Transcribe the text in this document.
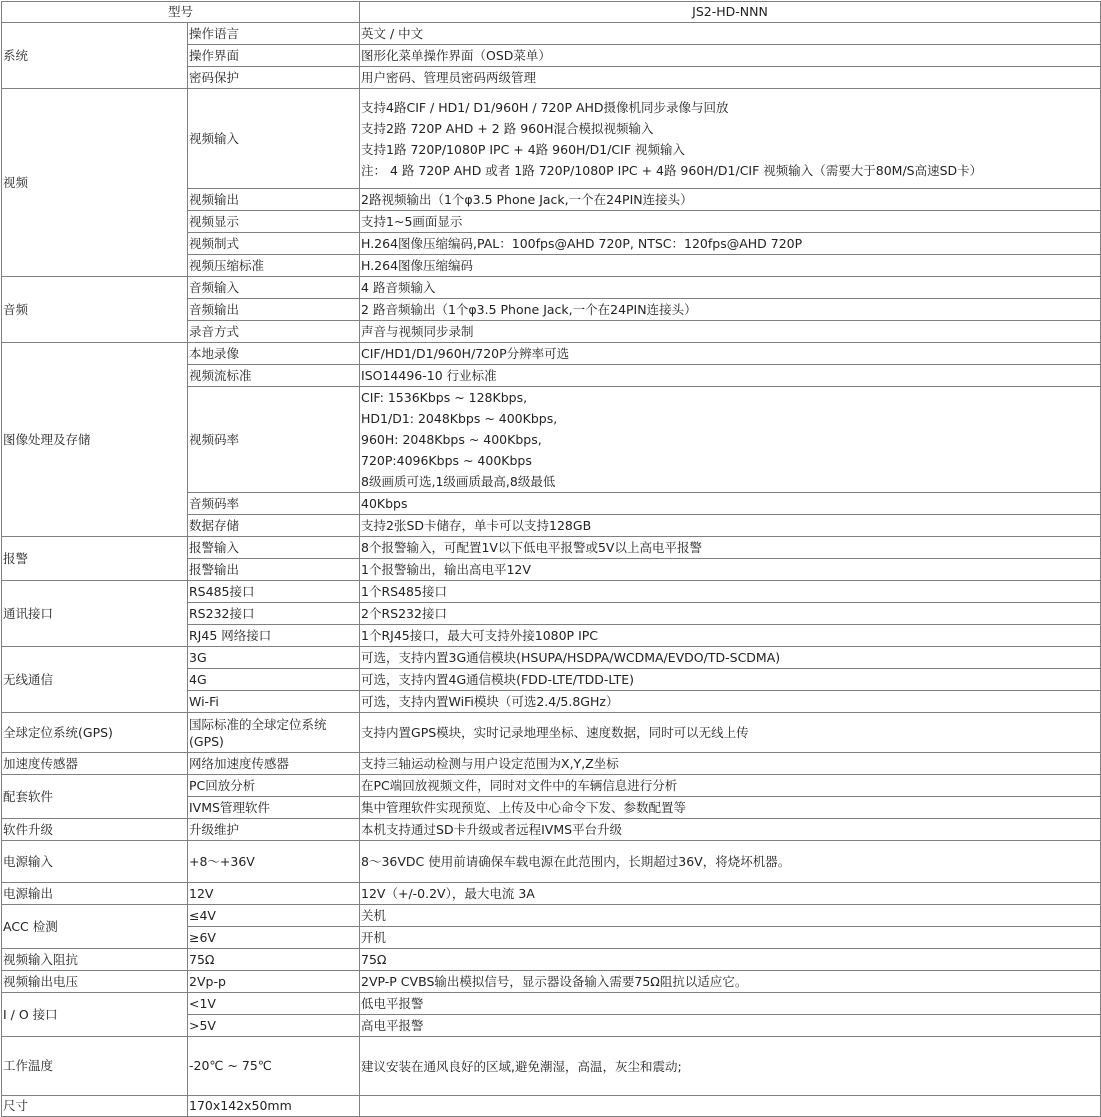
型号		JS2-HD-NNN
系统	操作语言	英文 / 中文

	操作界面	图形化菜单操作界面（OSD菜单）

	密码保护	用户密码、管理员密码两级管理

视频	视频输入	支持4路CIF / HD1/ D1/960H / 720P AHD摄像机同步录像与回放
支持2路 720P AHD + 2 路 960H混合模拟视频输入
支持1路 720P/1080P IPC + 4路 960H/D1/CIF 视频输入
注： 4 路 720P AHD 或者 1路 720P/1080P IPC + 4路 960H/D1/CIF 视频输入（需要大于80M/S高速SD卡）

	视频输出	2路视频输出（1个φ3.5 Phone Jack,一个在24PIN连接头）

	视频显示	支持1~5画面显示

	视频制式	H.264图像压缩编码,PAL：100fps@AHD 720P, NTSC：120fps@AHD 720P

	视频压缩标准	H.264图像压缩编码

音频	音频输入	4 路音频输入

	音频输出	2 路音频输出（1个φ3.5 Phone Jack,一个在24PIN连接头）

	录音方式	声音与视频同步录制

图像处理及存储	本地录像	CIF/HD1/D1/960H/720P分辨率可选

	视频流标准	ISO14496-10 行业标准

	视频码率	CIF: 1536Kbps ~ 128Kbps,
HD1/D1: 2048Kbps ~ 400Kbps,
960H: 2048Kbps ~ 400Kbps,
720P:4096Kbps ~ 400Kbps
8级画质可选,1级画质最高,8级最低

	音频码率	40Kbps

	数据存储	支持2张SD卡储存，单卡可以支持128GB

报警	报警输入	8个报警输入，可配置1V以下低电平报警或5V以上高电平报警

	报警输出	1个报警输出，输出高电平12V

通讯接口	RS485接口	1个RS485接口

	RS232接口	2个RS232接口

	RJ45 网络接口	1个RJ45接口，最大可支持外接1080P IPC

无线通信	3G	可选，支持内置3G通信模块(HSUPA/HSDPA/WCDMA/EVDO/TD-SCDMA)

	4G	可选，支持内置4G通信模块(FDD-LTE/TDD-LTE)

	Wi-Fi	可选，支持内置WiFi模块（可选2.4/5.8GHz）

全球定位系统(GPS)	国际标准的全球定位系统(GPS)	支持内置GPS模块，实时记录地理坐标、速度数据，同时可以无线上传

加速度传感器	网络加速度传感器	支持三轴运动检测与用户设定范围为X,Y,Z坐标

配套软件	PC回放分析	在PC端回放视频文件，同时对文件中的车辆信息进行分析

	IVMS管理软件	集中管理软件实现预览、上传及中心命令下发、参数配置等

软件升级	升级维护	本机支持通过SD卡升级或者远程IVMS平台升级

电源输入	+8～+36V	8～36VDC 使用前请确保车载电源在此范围内，长期超过36V，将烧坏机器。

电源输出	12V	12V（+/-0.2V），最大电流 3A

ACC 检测	≤4V	关机

	≥6V	开机

视频输入阻抗	75Ω	75Ω

视频输出电压	2Vp-p	2VP-P CVBS输出模拟信号，显示器设备输入需要75Ω阻抗以适应它。

I / O 接口	<1V	低电平报警

	>5V	高电平报警

工作温度	-20℃ ~ 75℃	建议安装在通风良好的区域,避免潮湿，高温，灰尘和震动;

尺寸	170x142x50mm	
